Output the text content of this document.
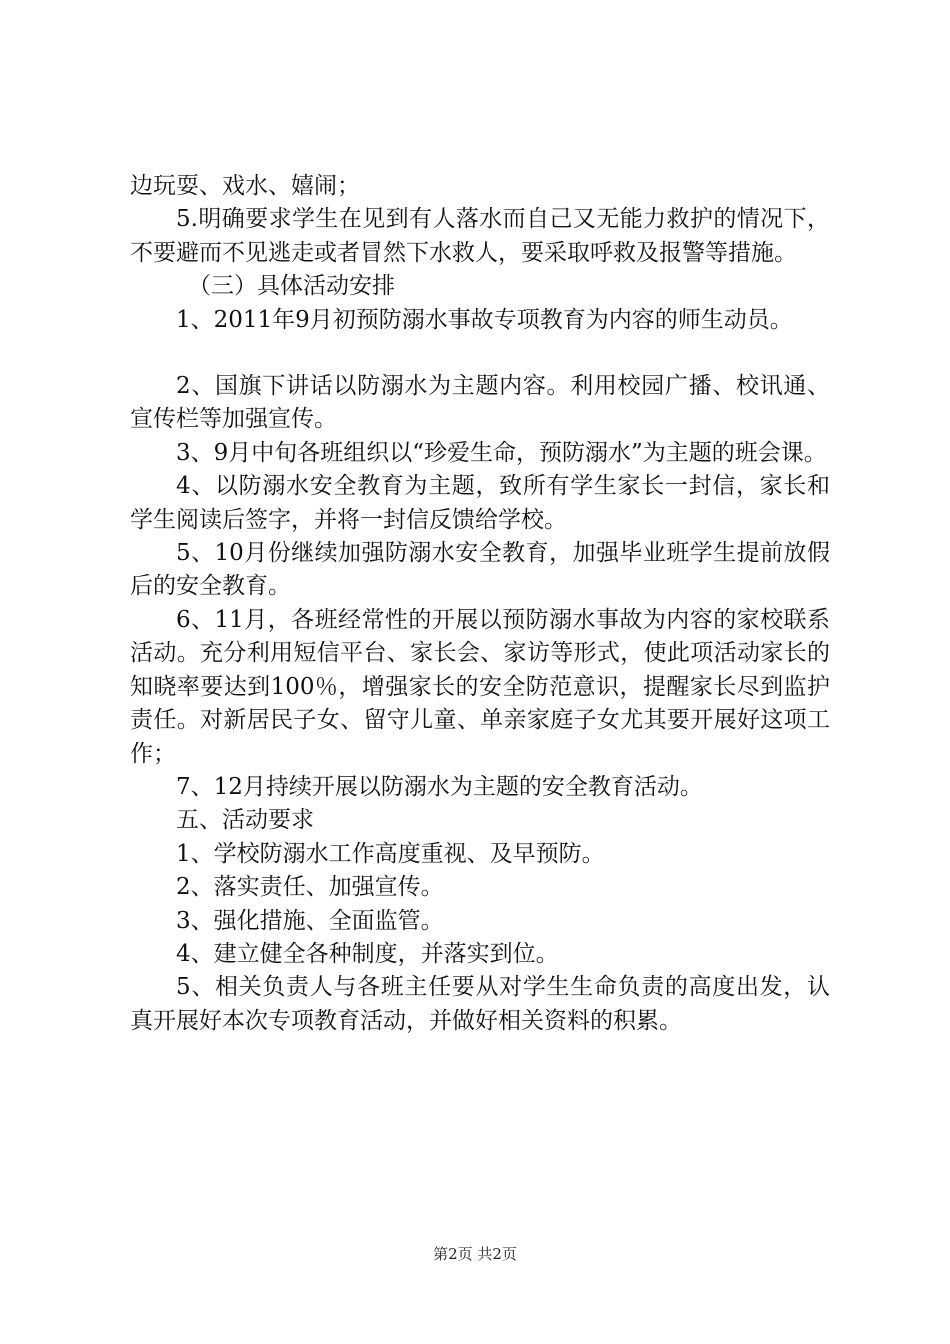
边玩耍、戏水、嬉闹；

5.明确要求学生在见到有人落水而自己又无能力救护的情况下，不要避而不见逃走或者冒然下水救人，要采取呼救及报警等措施。

（三）具体活动安排

1、2011年9月初预防溺水事故专项教育为内容的师生动员。

2、国旗下讲话以防溺水为主题内容。利用校园广播、校讯通、宣传栏等加强宣传。

3、9月中旬各班组织以“珍爱生命，预防溺水”为主题的班会课。

4、以防溺水安全教育为主题，致所有学生家长一封信，家长和学生阅读后签字，并将一封信反馈给学校。

5、10月份继续加强防溺水安全教育，加强毕业班学生提前放假后的安全教育。

6、11月，各班经常性的开展以预防溺水事故为内容的家校联系活动。充分利用短信平台、家长会、家访等形式，使此项活动家长的知晓率要达到100％，增强家长的安全防范意识，提醒家长尽到监护责任。对新居民子女、留守儿童、单亲家庭子女尤其要开展好这项工作；

7、12月持续开展以防溺水为主题的安全教育活动。

五、活动要求

1、学校防溺水工作高度重视、及早预防。

2、落实责任、加强宣传。

3、强化措施、全面监管。

4、建立健全各种制度，并落实到位。

5、相关负责人与各班主任要从对学生生命负责的高度出发，认真开展好本次专项教育活动，并做好相关资料的积累。

第2页 共2页
